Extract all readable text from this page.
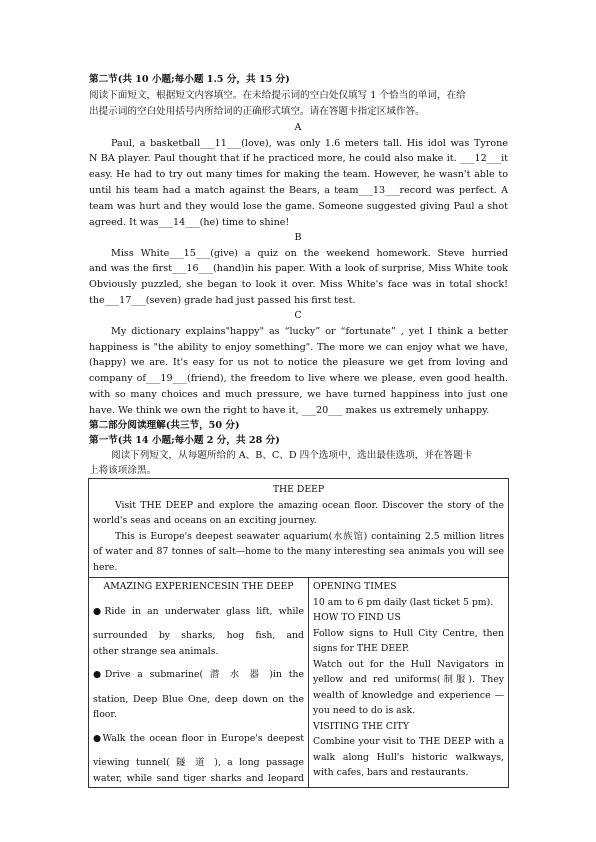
第二节(共 10 小题;每小题 1.5 分，共 15 分)
阅读下面短文，根据短文内容填空。在未给提示词的空白处仅填写 1 个恰当的单词，在给
出提示词的空白处用括号内所给词的正确形式填空。请在答题卡指定区域作答。
A
Paul, a basketball___11___(love), was only 1.6 meters tall. His idol was Tyrone
N BA player. Paul thought that if he practiced more, he could also make it. ___12___it
easy. He had to try out many times for making the team. However, he wasn't able to
until his team had a match against the Bears, a team___13___record was perfect. A
team was hurt and they would lose the game. Someone suggested giving Paul a shot
agreed. It was___14___(he) time to shine!
B
Miss White___15___(give) a quiz on the weekend homework. Steve hurried
and was the first___16___(hand)in his paper. With a look of surprise, Miss White took
Obviously puzzled, she began to look it over. Miss White's face was in total shock!
the___17___(seven) grade had just passed his first test.
C
My dictionary explains"happy" as “lucky” or “fortunate” , yet I think a better
happiness is "the ability to enjoy something". The more we can enjoy what we have,
(happy) we are. It's easy for us not to notice the pleasure we get from loving and
company of___19___(friend), the freedom to live where we please, even good health.
with so many choices and much pressure, we have turned happiness into just one
have. We think we own the right to have it, ___20___ makes us extremely unhappy.
第二部分阅读理解(共三节，50 分)
第一节(共 14 小题;每小题 2 分，共 28 分)
阅读下列短文，从每题所给的 A、B、C、D 四个选项中，选出最佳选项，并在答题卡
上将该项涂黑。
THE DEEP
Visit THE DEEP and explore the amazing ocean floor. Discover the story of the world's seas and oceans on an exciting journey.
This is Europe's deepest seawater aquarium(水族馆) containing 2.5 million litres of water and 87 tonnes of salt—home to the many interesting sea animals you will see here.

AMAZING EXPERIENCESIN THE DEEP
●Ride in an underwater glass lift, while
surrounded by sharks, hog fish, and
other strange sea animals.
●Drive a submarine( 潜 水 器 )in the
station, Deep Blue One, deep down on the
floor.
●Walk the ocean floor in Europe's deepest
viewing tunnel( 隧 道 ), a long passage
water, while sand tiger sharks and leopard

OPENING TIMES
10 am to 6 pm daily (last ticket 5 pm).
HOW TO FIND US
Follow signs to Hull City Centre, then
signs for THE DEEP.
Watch out for the Hull Navigators in
yellow and red uniforms(制服). They
wealth of knowledge and experience —
you need to do is ask.
VISITING THE CITY
Combine your visit to THE DEEP with a
walk along Hull's historic walkways,
with cafes, bars and restaurants.
